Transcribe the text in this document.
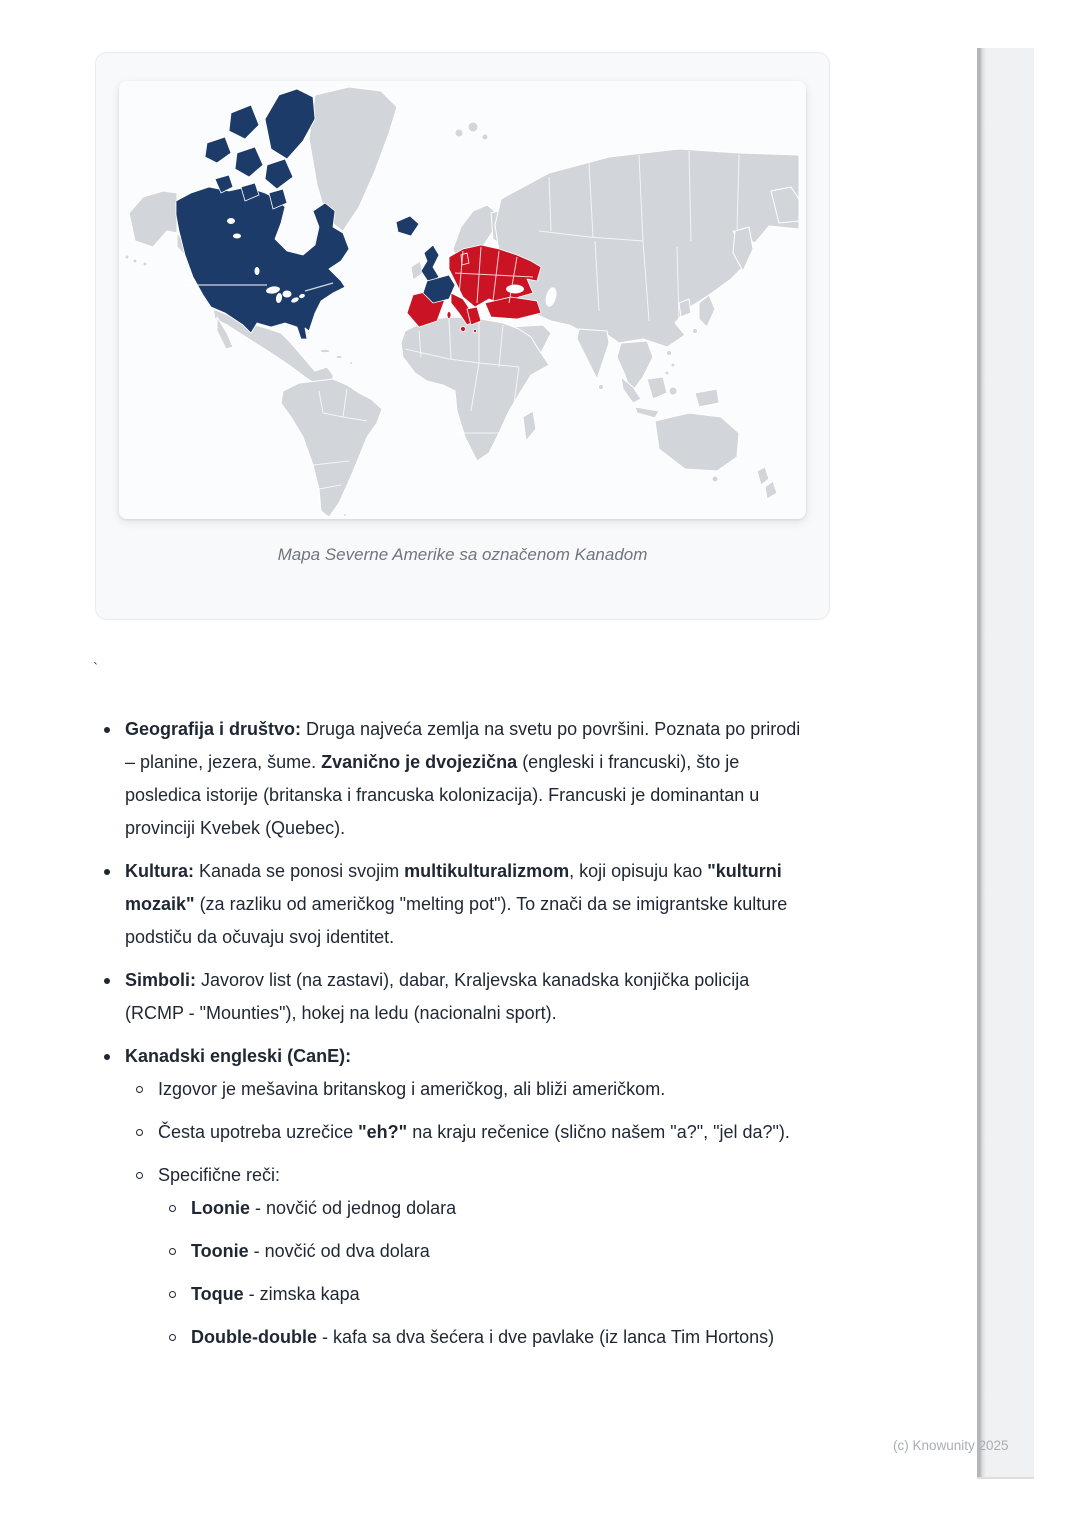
Mapa Severne Amerike sa označenom Kanadom
`
Geografija i društvo: Druga najveća zemlja na svetu po površini. Poznata po prirodi – planine, jezera, šume. Zvanično je dvojezična (engleski i francuski), što je posledica istorije (britanska i francuska kolonizacija). Francuski je dominantan u provinciji Kvebek (Quebec).
Kultura: Kanada se ponosi svojim multikulturalizmom, koji opisuju kao "kulturni mozaik" (za razliku od američkog "melting pot"). To znači da se imigrantske kulture podstiču da očuvaju svoj identitet.
Simboli: Javorov list (na zastavi), dabar, Kraljevska kanadska konjička policija (RCMP - "Mounties"), hokej na ledu (nacionalni sport).
Kanadski engleski (CanE):
Izgovor je mešavina britanskog i američkog, ali bliži američkom.
Česta upotreba uzrečice "eh?" na kraju rečenice (slično našem "a?", "jel da?").
Specifične reči:
Loonie - novčić od jednog dolara
Toonie - novčić od dva dolara
Toque - zimska kapa
Double-double - kafa sa dva šećera i dve pavlake (iz lanca Tim Hortons)
(c) Knowunity 2025
